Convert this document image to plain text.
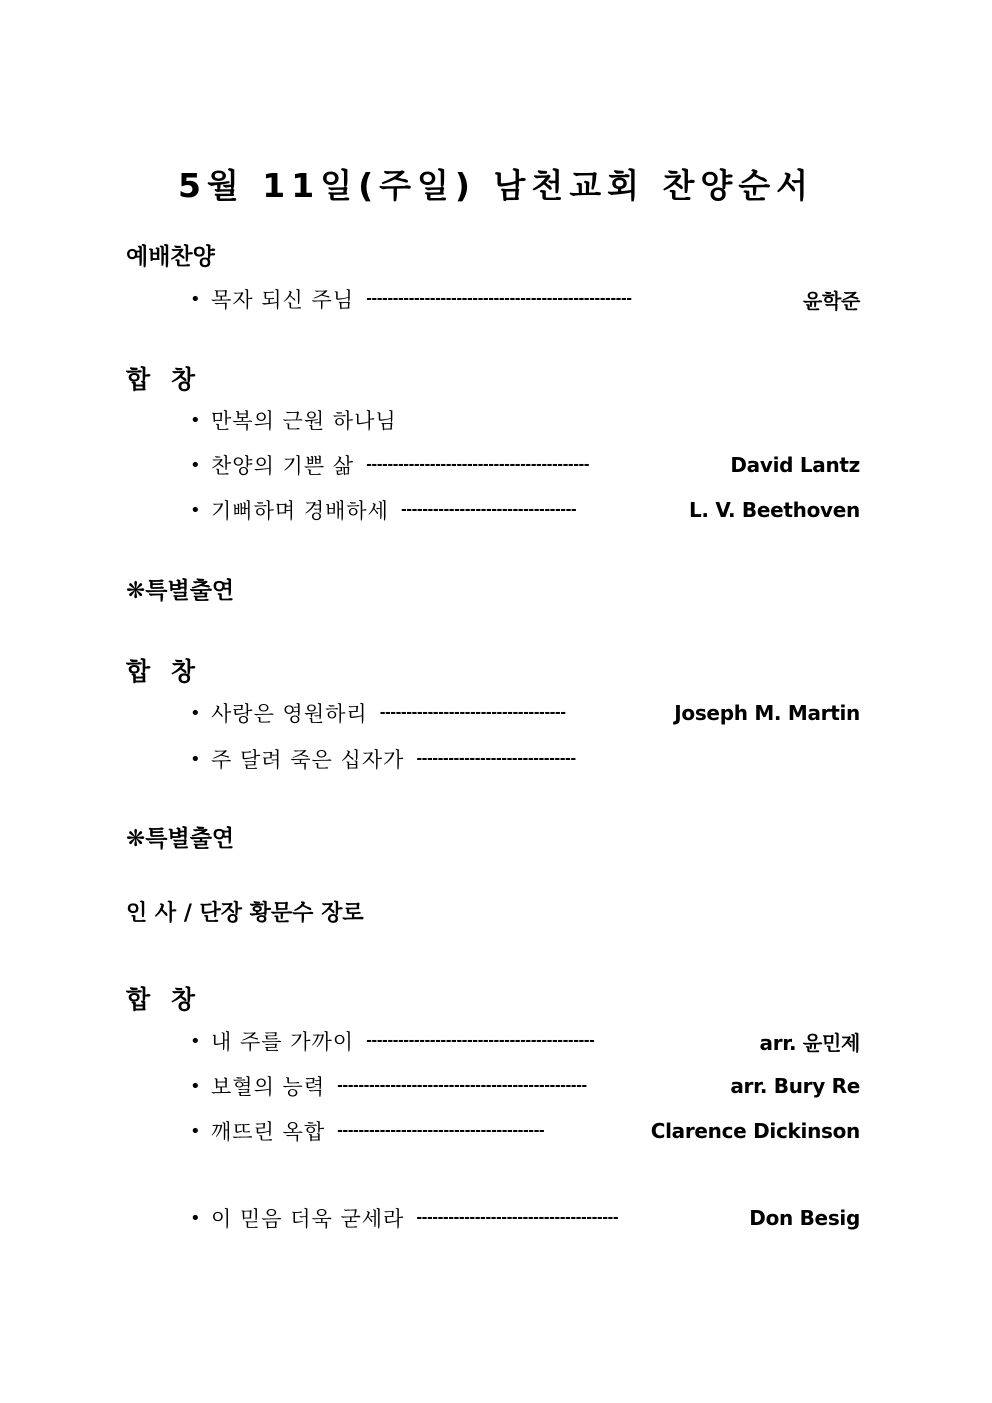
5월 11일(주일) 남천교회 찬양순서
예배찬양
• 목자 되신 주님 --------------------------------------------------	윤학준
합 창
• 만복의 근원 하나님
• 찬양의 기쁜 삶 ------------------------------------------	David Lantz
• 기뻐하며 경배하세 ---------------------------------	L. V. Beethoven
❋특별출연
합 창
• 사랑은 영원하리 -----------------------------------	Joseph M. Martin
• 주 달려 죽은 십자가 ------------------------------
❋특별출연
인 사 / 단장 황문수 장로
합 창
• 내 주를 가까이 -------------------------------------------	arr. 윤민제
• 보혈의 능력 -----------------------------------------------	arr. Bury Re
• 깨뜨린 옥합 ---------------------------------------	Clarence Dickinson
• 이 믿음 더욱 굳세라 --------------------------------------	Don Besig
